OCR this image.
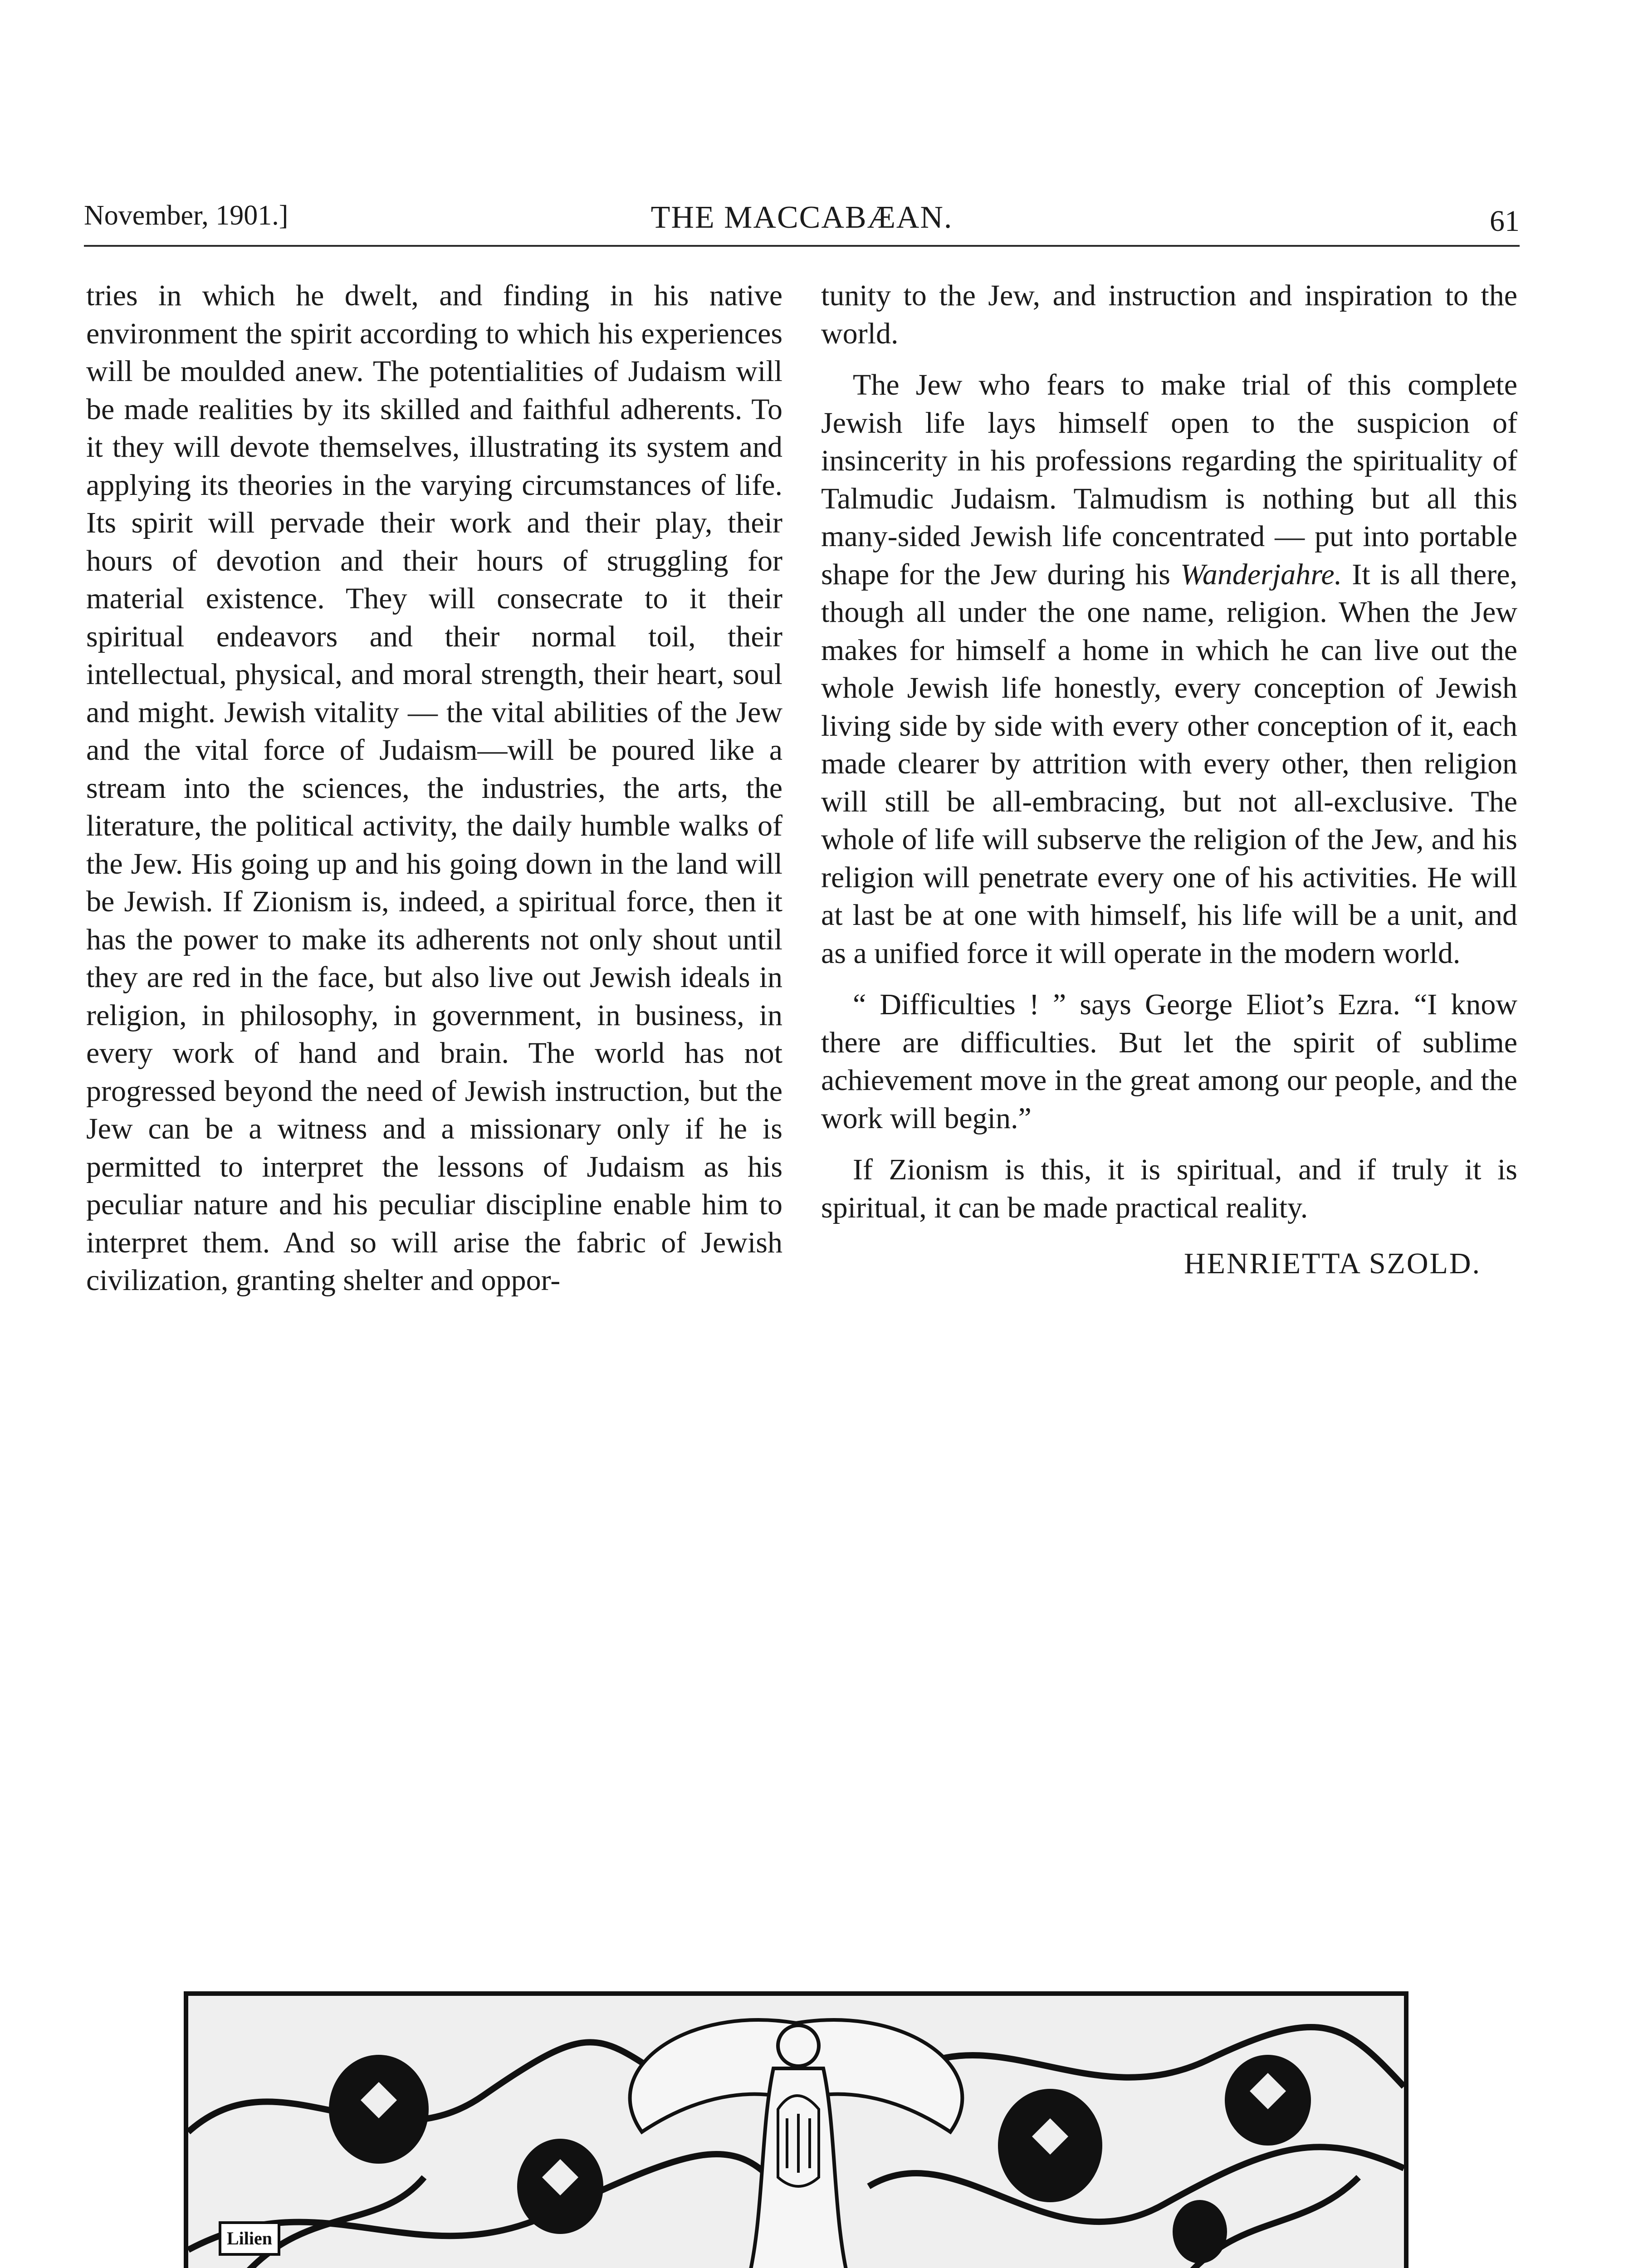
November, 1901.]	THE MACCABÆAN.	61

tries in which he dwelt, and finding in his native environment the spirit according to which his experiences will be moulded anew. The potentialities of Judaism will be made realities by its skilled and faithful adherents. To it they will devote themselves, illustrating its system and applying its theories in the varying circumstances of life. Its spirit will pervade their work and their play, their hours of devotion and their hours of struggling for material existence. They will consecrate to it their spiritual endeavors and their normal toil, their intellectual, physical, and moral strength, their heart, soul and might. Jewish vitality — the vital abilities of the Jew and the vital force of Judaism—will be poured like a stream into the sciences, the industries, the arts, the literature, the political activity, the daily humble walks of the Jew. His going up and his going down in the land will be Jewish. If Zionism is, indeed, a spiritual force, then it has the power to make its adherents not only shout until they are red in the face, but also live out Jewish ideals in religion, in philosophy, in government, in business, in every work of hand and brain. The world has not progressed beyond the need of Jewish instruction, but the Jew can be a witness and a missionary only if he is permitted to interpret the lessons of Judaism as his peculiar nature and his peculiar discipline enable him to interpret them. And so will arise the fabric of Jewish civilization, granting shelter and oppor-

tunity to the Jew, and instruction and inspiration to the world.

The Jew who fears to make trial of this complete Jewish life lays himself open to the suspicion of insincerity in his professions regarding the spirituality of Talmudic Judaism. Talmudism is nothing but all this many-sided Jewish life concentrated — put into portable shape for the Jew during his Wanderjahre. It is all there, though all under the one name, religion. When the Jew makes for himself a home in which he can live out the whole Jewish life honestly, every conception of Jewish living side by side with every other conception of it, each made clearer by attrition with every other, then religion will still be all-embracing, but not all-exclusive. The whole of life will subserve the religion of the Jew, and his religion will penetrate every one of his activities. He will at last be at one with himself, his life will be a unit, and as a unified force it will operate in the modern world.

“ Difficulties ! ” says George Eliot’s Ezra. “I know there are difficulties. But let the spirit of sublime achievement move in the great among our people, and the work will begin.”

If Zionism is this, it is spiritual, and if truly it is spiritual, it can be made practical reality.

HENRIETTA SZOLD.
Lilien
